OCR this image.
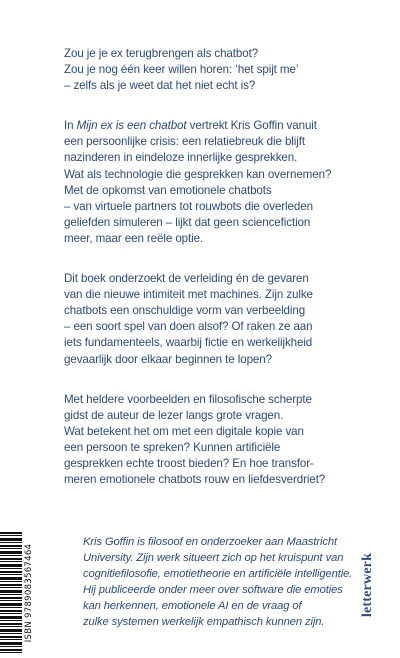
Zou je je ex terugbrengen als chatbot?
Zou je nog één keer willen horen: ‘het spijt me’
– zelfs als je weet dat het niet echt is?
In Mijn ex is een chatbot vertrekt Kris Goffin vanuit
een persoonlijke crisis: een relatiebreuk die blijft
nazinderen in eindeloze innerlijke gesprekken.
Wat als technologie die gesprekken kan overnemen?
Met de opkomst van emotionele chatbots
– van virtuele partners tot rouwbots die overleden
geliefden simuleren – lijkt dat geen sciencefiction
meer, maar een reële optie.
Dit boek onderzoekt de verleiding én de gevaren
van die nieuwe intimiteit met machines. Zijn zulke
chatbots een onschuldige vorm van verbeelding
– een soort spel van doen alsof? Of raken ze aan
iets fundamenteels, waarbij fictie en werkelijkheid
gevaarlijk door elkaar beginnen te lopen?
Met heldere voorbeelden en filosofische scherpte
gidst de auteur de lezer langs grote vragen.
Wat betekent het om met een digitale kopie van
een persoon te spreken? Kunnen artificiële
gesprekken echte troost bieden? En hoe transfor-
meren emotionele chatbots rouw en liefdesverdriet?
ISBN 9789083567464
Kris Goffin is filosoof en onderzoeker aan Maastricht
University. Zijn werk situeert zich op het kruispunt van
cognitiefilosofie, emotietheorie en artificiële intelligentie.
Hij publiceerde onder meer over software die emoties
kan herkennen, emotionele AI en de vraag of
zulke systemen werkelijk empathisch kunnen zijn.
letterwerk
